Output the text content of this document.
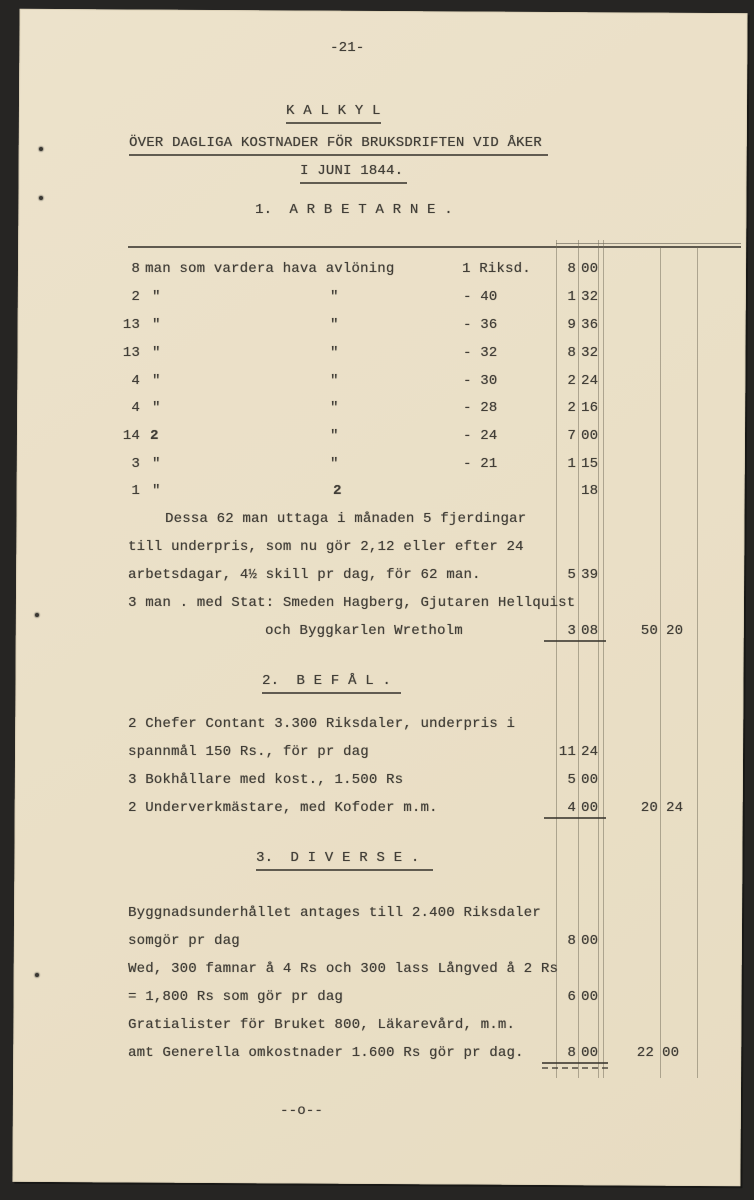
-21-
K A L K Y L
ÖVER DAGLIGA KOSTNADER FÖR BRUKSDRIFTEN VID ÅKER
I JUNI 1844.
1.  A R B E T A R N E .
8 man som vardera hava avlöning	1 Riksd.	8 00
2 "	"	- 40	1 32
13 "	"	- 36	9 36
13 "	"	- 32	8 32
4 "	"	- 30	2 24
4 "	"	- 28	2 16
14 2	"	- 24	7 00
3 "	"	- 21	1 15
1 "	2	18
Dessa 62 man uttaga i månaden 5 fjerdingar
till underpris, som nu gör 2,12 eller efter 24
arbetsdagar, 4½ skill pr dag, för 62 man.	5 39
3 man . med Stat: Smeden Hagberg, Gjutaren Hellquist
och Byggkarlen Wretholm	3 08	50 20
2.  B E F Å L .
2 Chefer Contant 3.300 Riksdaler, underpris i
spannmål 150 Rs., för pr dag	11 24
3 Bokhållare med kost., 1.500 Rs	5 00
2 Underverkmästare, med Kofoder m.m.	4 00	20 24
3.  D I V E R S E .
Byggnadsunderhållet antages till 2.400 Riksdaler
somgör pr dag	8 00
Wed, 300 famnar å 4 Rs och 300 lass Långved å 2 Rs
= 1,800 Rs som gör pr dag	6 00
Gratialister för Bruket 800, Läkarevård, m.m.
amt Generella omkostnader 1.600 Rs gör pr dag.	8 00	22 00
--o--
